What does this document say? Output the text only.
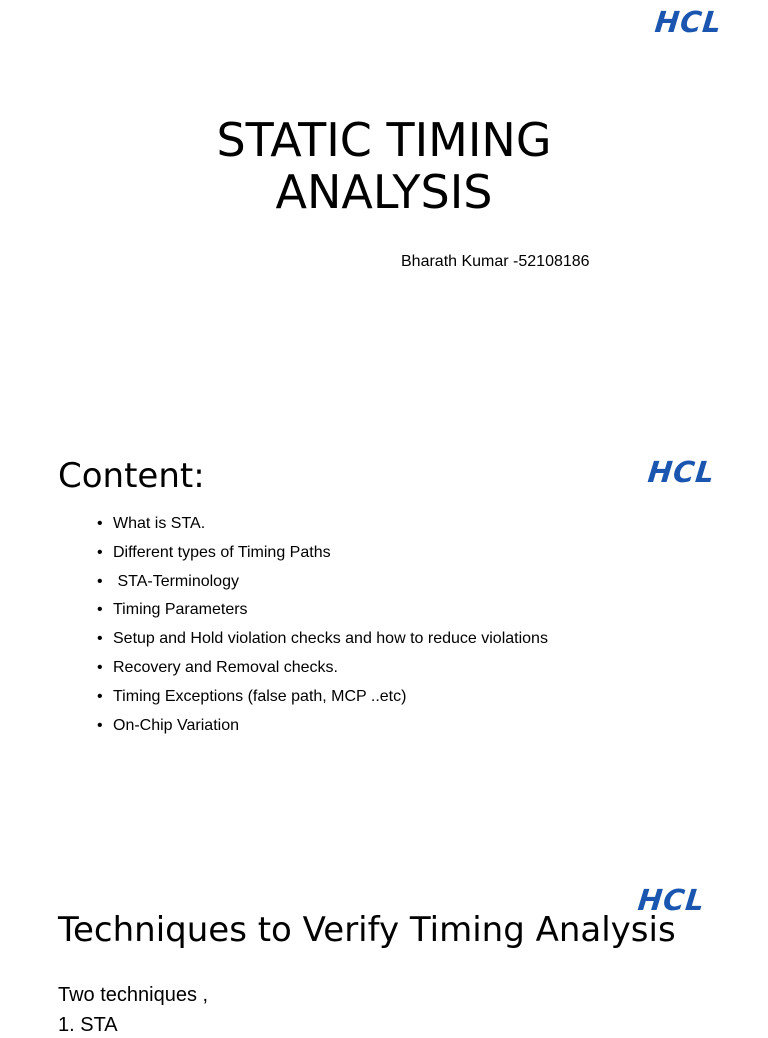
HCL
STATIC TIMING
ANALYSIS
Bharath Kumar -52108186
HCL
Content:
• What is STA.
• Different types of Timing Paths
• STA-Terminology
• Timing Parameters
• Setup and Hold violation checks and how to reduce violations
• Recovery and Removal checks.
• Timing Exceptions (false path, MCP ..etc)
• On-Chip Variation
Techniques to Verify Timing Analysis
HCL
Two techniques ,
1. STA
